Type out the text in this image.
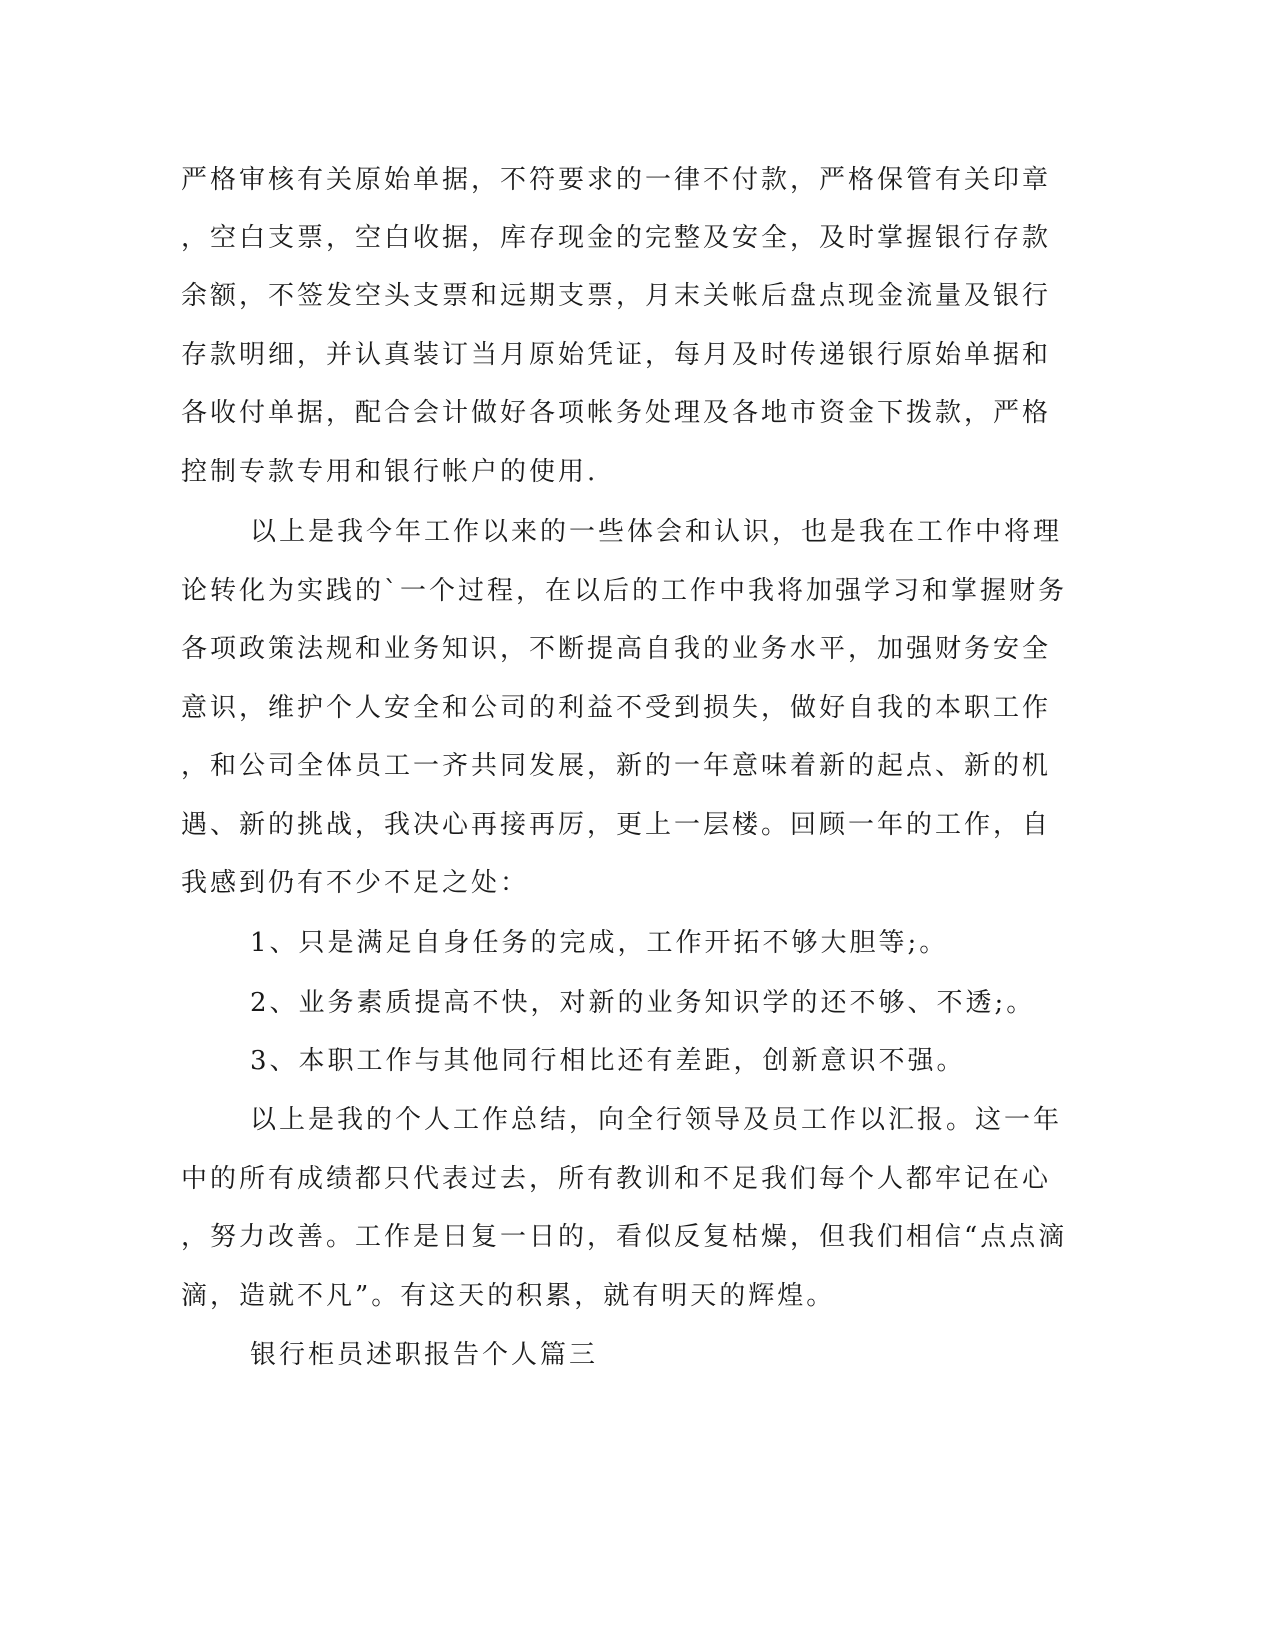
严格审核有关原始单据，不符要求的一律不付款，严格保管有关印章

，空白支票，空白收据，库存现金的完整及安全，及时掌握银行存款

余额，不签发空头支票和远期支票，月末关帐后盘点现金流量及银行

存款明细，并认真装订当月原始凭证，每月及时传递银行原始单据和

各收付单据，配合会计做好各项帐务处理及各地市资金下拨款，严格

控制专款专用和银行帐户的使用.

以上是我今年工作以来的一些体会和认识，也是我在工作中将理

论转化为实践的`一个过程，在以后的工作中我将加强学习和掌握财务

各项政策法规和业务知识，不断提高自我的业务水平，加强财务安全

意识，维护个人安全和公司的利益不受到损失，做好自我的本职工作

，和公司全体员工一齐共同发展，新的一年意味着新的起点、新的机

遇、新的挑战，我决心再接再厉，更上一层楼。回顾一年的工作，自

我感到仍有不少不足之处：

1、只是满足自身任务的完成，工作开拓不够大胆等;。

2、业务素质提高不快，对新的业务知识学的还不够、不透;。

3、本职工作与其他同行相比还有差距，创新意识不强。

以上是我的个人工作总结，向全行领导及员工作以汇报。这一年

中的所有成绩都只代表过去，所有教训和不足我们每个人都牢记在心

，努力改善。工作是日复一日的，看似反复枯燥，但我们相信“点点滴

滴，造就不凡”。有这天的积累，就有明天的辉煌。

银行柜员述职报告个人篇三
